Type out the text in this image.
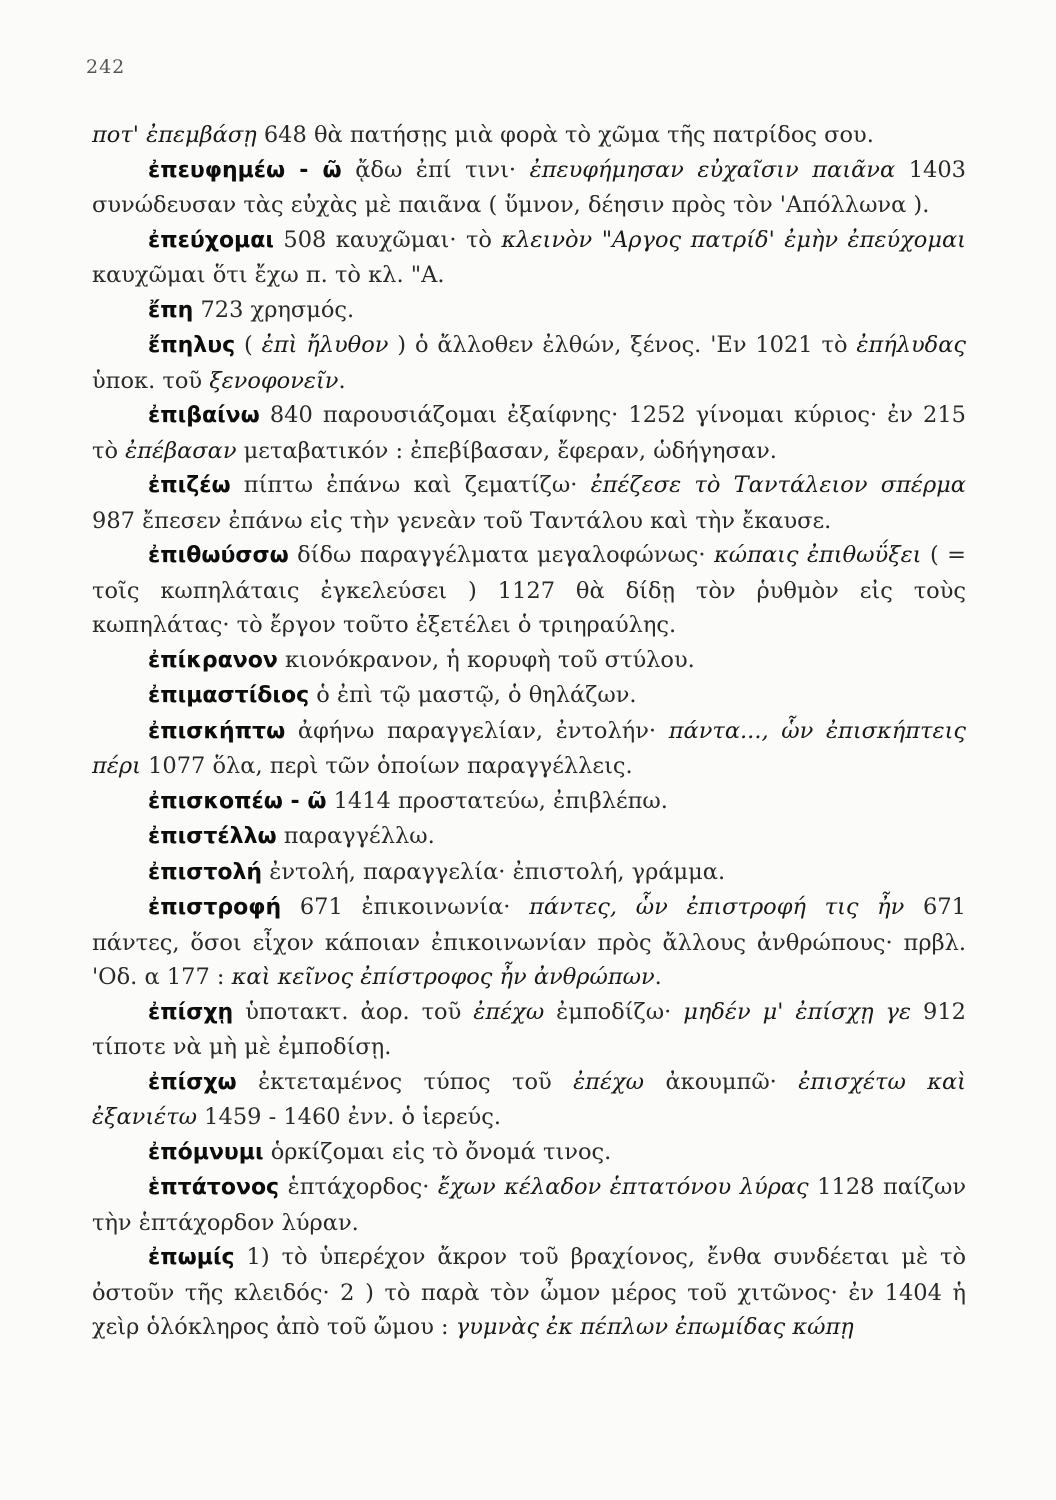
242

ποτ' ἐπεμβάσῃ 648 θὰ πατήσῃς μιὰ φορὰ τὸ χῶμα τῆς πατρίδος σου.

ἐπευφημέω - ῶ ᾄδω ἐπί τινι· ἐπευφήμησαν εὐχαῖσιν παιᾶνα 1403 συνώδευσαν τὰς εὐχὰς μὲ παιᾶνα ( ὕμνον, δέησιν πρὸς τὸν 'Απόλλωνα ).

ἐπεύχομαι 508 καυχῶμαι· τὸ κλεινὸν "Αργος πατρίδ' ἐμὴν ἐπεύχομαι καυχῶμαι ὅτι ἔχω π. τὸ κλ. "Α.

ἔπη 723 χρησμός.

ἔπηλυς ( ἐπὶ ἤλυθον ) ὁ ἄλλοθεν ἐλθών, ξένος. 'Εν 1021 τὸ ἐπήλυδας ὑποκ. τοῦ ξενοφονεῖν.

ἐπιβαίνω 840 παρουσιάζομαι ἐξαίφνης· 1252 γίνομαι κύριος· ἐν 215 τὸ ἐπέβασαν μεταβατικόν : ἐπεβίβασαν, ἔφεραν, ὡδήγησαν.

ἐπιζέω πίπτω ἐπάνω καὶ ζεματίζω· ἐπέζεσε τὸ Ταντάλειον σπέρμα 987 ἔπεσεν ἐπάνω εἰς τὴν γενεὰν τοῦ Ταντάλου καὶ τὴν ἔκαυσε.

ἐπιθωύσσω δίδω παραγγέλματα μεγαλοφώνως· κώπαις ἐπιθωΰξει ( = τοῖς κωπηλάταις ἐγκελεύσει ) 1127 θὰ δίδῃ τὸν ῥυθμὸν εἰς τοὺς κωπηλάτας· τὸ ἔργον τοῦτο ἐξετέλει ὁ τριηραύλης.

ἐπίκρανον κιονόκρανον, ἡ κορυφὴ τοῦ στύλου.

ἐπιμαστίδιος ὁ ἐπὶ τῷ μαστῷ, ὁ θηλάζων.

ἐπισκήπτω ἀφήνω παραγγελίαν, ἐντολήν· πάντα..., ὧν ἐπισκήπτεις πέρι 1077 ὅλα, περὶ τῶν ὁποίων παραγγέλλεις.

ἐπισκοπέω - ῶ 1414 προστατεύω, ἐπιβλέπω.

ἐπιστέλλω παραγγέλλω.

ἐπιστολή ἐντολή, παραγγελία· ἐπιστολή, γράμμα.

ἐπιστροφή 671 ἐπικοινωνία· πάντες, ὧν ἐπιστροφή τις ἦν 671 πάντες, ὅσοι εἶχον κάποιαν ἐπικοινωνίαν πρὸς ἄλλους ἀνθρώπους· πρβλ. 'Οδ. α 177 : καὶ κεῖνος ἐπίστροφος ἦν ἀνθρώπων.

ἐπίσχῃ ὑποτακτ. ἀορ. τοῦ ἐπέχω ἐμποδίζω· μηδέν μ' ἐπίσχῃ γε 912 τίποτε νὰ μὴ μὲ ἐμποδίσῃ.

ἐπίσχω ἐκτεταμένος τύπος τοῦ ἐπέχω ἀκουμπῶ· ἐπισχέτω καὶ ἐξανιέτω 1459 - 1460 ἐνν. ὁ ἱερεύς.

ἐπόμνυμι ὁρκίζομαι εἰς τὸ ὄνομά τινος.

ἑπτάτονος ἑπτάχορδος· ἔχων κέλαδον ἑπτατόνου λύρας 1128 παίζων τὴν ἑπτάχορδον λύραν.

ἐπωμίς 1) τὸ ὑπερέχον ἄκρον τοῦ βραχίονος, ἔνθα συνδέεται μὲ τὸ ὀστοῦν τῆς κλειδός· 2 ) τὸ παρὰ τὸν ὦμον μέρος τοῦ χιτῶνος· ἐν 1404 ἡ χεὶρ ὁλόκληρος ἀπὸ τοῦ ὤμου : γυμνὰς ἐκ πέπλων ἐπωμίδας κώπῃ
